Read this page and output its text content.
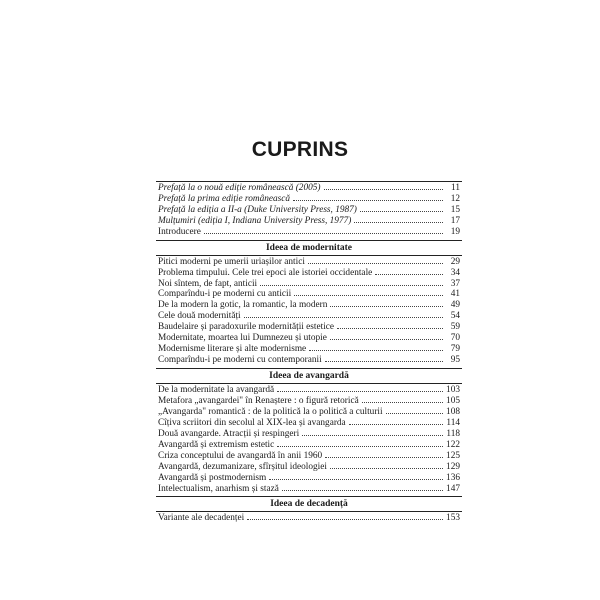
CUPRINS
Prefață la o nouă ediție românească (2005)	11
Prefață la prima ediție românească	12
Prefață la ediția a II-a (Duke University Press, 1987)	15
Mulțumiri (ediția I, Indiana University Press, 1977)	17
Introducere	19
Ideea de modernitate
Pitici moderni pe umerii uriașilor antici	29
Problema timpului. Cele trei epoci ale istoriei occidentale	34
Noi sîntem, de fapt, anticii	37
Comparîndu-i pe moderni cu anticii	41
De la modern la gotic, la romantic, la modern	49
Cele două modernități	54
Baudelaire și paradoxurile modernității estetice	59
Modernitate, moartea lui Dumnezeu și utopie	70
Modernisme literare și alte modernisme	79
Comparîndu-i pe moderni cu contemporanii	95
Ideea de avangardă
De la modernitate la avangardă	103
Metafora „avangardei" în Renaștere : o figură retorică	105
„Avangarda" romantică : de la politică la o politică a culturii	108
Cîțiva scriitori din secolul al XIX-lea și avangarda	114
Două avangarde. Atracții și respingeri	118
Avangardă și extremism estetic	122
Criza conceptului de avangardă în anii 1960	125
Avangardă, dezumanizare, sfîrșitul ideologiei	129
Avangardă și postmodernism	136
Intelectualism, anarhism și stază	147
Ideea de decadență
Variante ale decadenței	153
